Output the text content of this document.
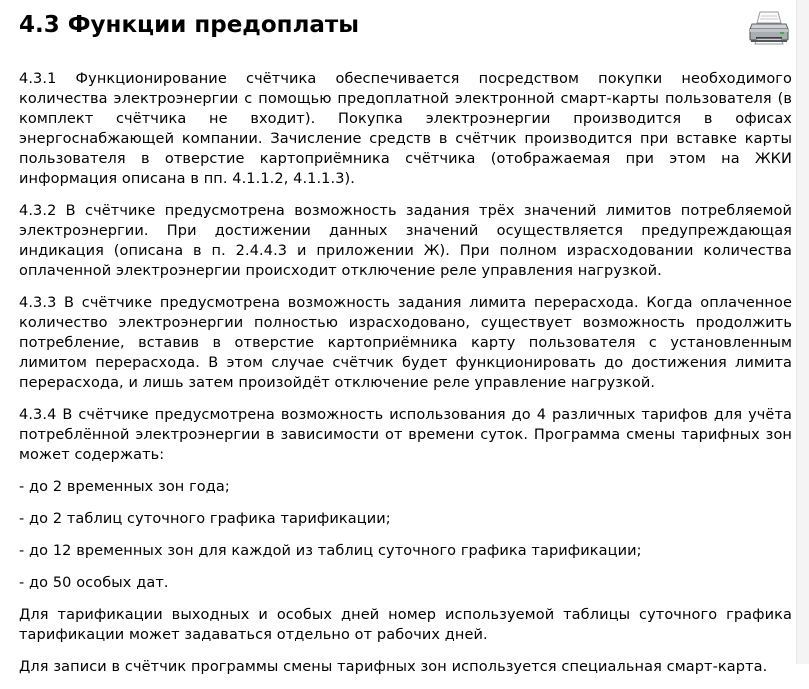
4.3 Функции предоплаты

4.3.1 Функционирование счётчика обеспечивается посредством покупки необходимого количества электроэнергии с помощью предоплатной электронной смарт-карты пользователя (в комплект счётчика не входит). Покупка электроэнергии производится в офисах энергоснабжающей компании. Зачисление средств в счётчик производится при вставке карты пользователя в отверстие картоприёмника счётчика (отображаемая при этом на ЖКИ информация описана в пп. 4.1.1.2, 4.1.1.3).

4.3.2 В счётчике предусмотрена возможность задания трёх значений лимитов потребляемой электроэнергии. При достижении данных значений осуществляется предупреждающая индикация (описана в п. 2.4.4.3 и приложении Ж). При полном израсходовании количества оплаченной электроэнергии происходит отключение реле управления нагрузкой.

4.3.3 В счётчике предусмотрена возможность задания лимита перерасхода. Когда оплаченное количество электроэнергии полностью израсходовано, существует возможность продолжить потребление, вставив в отверстие картоприёмника карту пользователя с установленным лимитом перерасхода. В этом случае счётчик будет функционировать до достижения лимита перерасхода, и лишь затем произойдёт отключение реле управление нагрузкой.

4.3.4 В счётчике предусмотрена возможность использования до 4 различных тарифов для учёта потреблённой электроэнергии в зависимости от времени суток. Программа смены тарифных зон может содержать:

- до 2 временных зон года;

- до 2 таблиц суточного графика тарификации;

- до 12 временных зон для каждой из таблиц суточного графика тарификации;

- до 50 особых дат.

Для тарификации выходных и особых дней номер используемой таблицы суточного графика тарификации может задаваться отдельно от рабочих дней.

Для записи в счётчик программы смены тарифных зон используется специальная смарт-карта.
